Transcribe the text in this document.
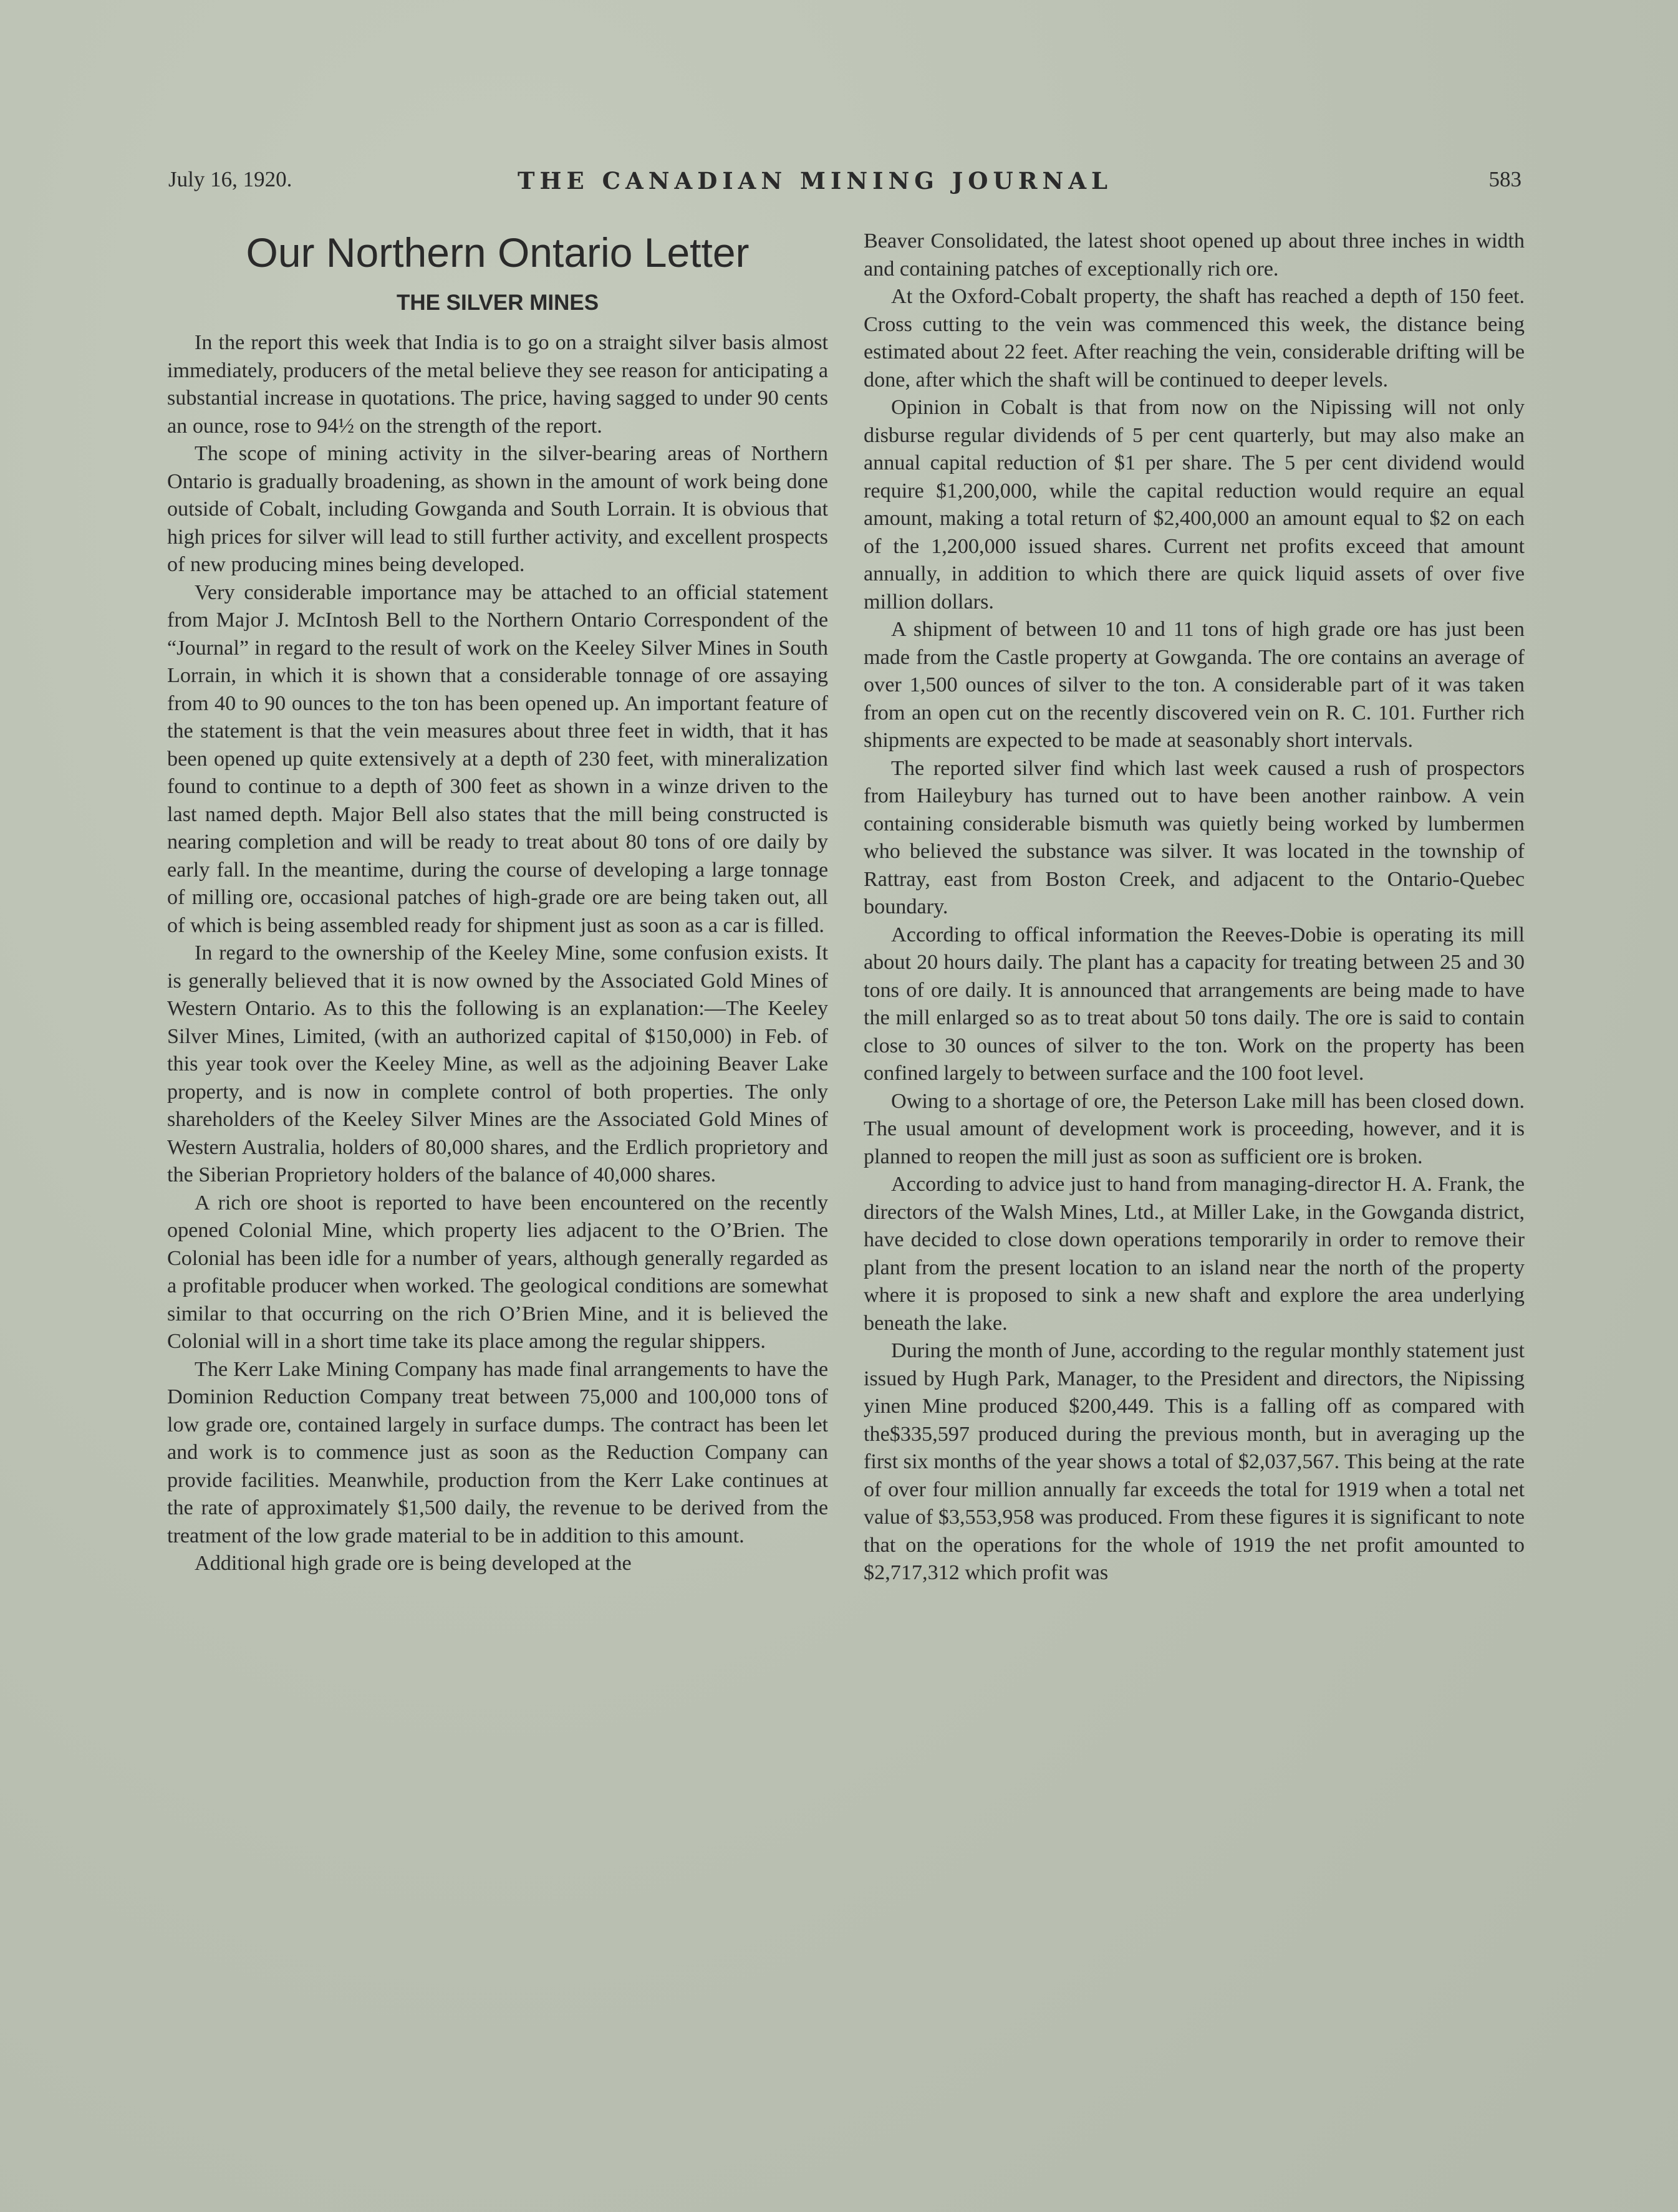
July 16, 1920.	THE CANADIAN MINING JOURNAL	583
Our Northern Ontario Letter
THE SILVER MINES

In the report this week that India is to go on a straight silver basis almost immediately, producers of the metal believe they see reason for anticipating a substantial increase in quotations. The price, having sagged to under 90 cents an ounce, rose to 94½ on the strength of the report.

The scope of mining activity in the silver-bearing areas of Northern Ontario is gradually broadening, as shown in the amount of work being done outside of Cobalt, including Gowganda and South Lorrain. It is obvious that high prices for silver will lead to still further activity, and excellent prospects of new producing mines being developed.

Very considerable importance may be attached to an official statement from Major J. McIntosh Bell to the Northern Ontario Correspondent of the “Journal” in regard to the result of work on the Keeley Silver Mines in South Lorrain, in which it is shown that a considerable tonnage of ore assaying from 40 to 90 ounces to the ton has been opened up. An important feature of the statement is that the vein measures about three feet in width, that it has been opened up quite extensively at a depth of 230 feet, with mineralization found to continue to a depth of 300 feet as shown in a winze driven to the last named depth. Major Bell also states that the mill being constructed is nearing completion and will be ready to treat about 80 tons of ore daily by early fall. In the meantime, during the course of developing a large tonnage of milling ore, occasional patches of high-grade ore are being taken out, all of which is being assembled ready for shipment just as soon as a car is filled.

In regard to the ownership of the Keeley Mine, some confusion exists. It is generally believed that it is now owned by the Associated Gold Mines of Western Ontario. As to this the following is an explanation:—The Keeley Silver Mines, Limited, (with an authorized capital of $150,000) in Feb. of this year took over the Keeley Mine, as well as the adjoining Beaver Lake property, and is now in complete control of both properties. The only shareholders of the Keeley Silver Mines are the Associated Gold Mines of Western Australia, holders of 80,000 shares, and the Erdlich proprietory and the Siberian Proprietory holders of the balance of 40,000 shares.

A rich ore shoot is reported to have been encountered on the recently opened Colonial Mine, which property lies adjacent to the O’Brien. The Colonial has been idle for a number of years, although generally regarded as a profitable producer when worked. The geological conditions are somewhat similar to that occurring on the rich O’Brien Mine, and it is believed the Colonial will in a short time take its place among the regular shippers.

The Kerr Lake Mining Company has made final arrangements to have the Dominion Reduction Company treat between 75,000 and 100,000 tons of low grade ore, contained largely in surface dumps. The contract has been let and work is to commence just as soon as the Reduction Company can provide facilities. Meanwhile, production from the Kerr Lake continues at the rate of approximately $1,500 daily, the revenue to be derived from the treatment of the low grade material to be in addition to this amount.

Additional high grade ore is being developed at the

Beaver Consolidated, the latest shoot opened up about three inches in width and containing patches of exceptionally rich ore.

At the Oxford-Cobalt property, the shaft has reached a depth of 150 feet. Cross cutting to the vein was commenced this week, the distance being estimated about 22 feet. After reaching the vein, considerable drifting will be done, after which the shaft will be continued to deeper levels.

Opinion in Cobalt is that from now on the Nipissing will not only disburse regular dividends of 5 per cent quarterly, but may also make an annual capital reduction of $1 per share. The 5 per cent dividend would require $1,200,000, while the capital reduction would require an equal amount, making a total return of $2,400,000 an amount equal to $2 on each of the 1,200,000 issued shares. Current net profits exceed that amount annually, in addition to which there are quick liquid assets of over five million dollars.

A shipment of between 10 and 11 tons of high grade ore has just been made from the Castle property at Gowganda. The ore contains an average of over 1,500 ounces of silver to the ton. A considerable part of it was taken from an open cut on the recently discovered vein on R. C. 101. Further rich shipments are expected to be made at seasonably short intervals.

The reported silver find which last week caused a rush of prospectors from Haileybury has turned out to have been another rainbow. A vein containing considerable bismuth was quietly being worked by lumbermen who believed the substance was silver. It was located in the township of Rattray, east from Boston Creek, and adjacent to the Ontario-Quebec boundary.

According to offical information the Reeves-Dobie is operating its mill about 20 hours daily. The plant has a capacity for treating between 25 and 30 tons of ore daily. It is announced that arrangements are being made to have the mill enlarged so as to treat about 50 tons daily. The ore is said to contain close to 30 ounces of silver to the ton. Work on the property has been confined largely to between surface and the 100 foot level.

Owing to a shortage of ore, the Peterson Lake mill has been closed down. The usual amount of development work is proceeding, however, and it is planned to reopen the mill just as soon as sufficient ore is broken.

According to advice just to hand from managing-director H. A. Frank, the directors of the Walsh Mines, Ltd., at Miller Lake, in the Gowganda district, have decided to close down operations temporarily in order to remove their plant from the present location to an island near the north of the property where it is proposed to sink a new shaft and explore the area underlying beneath the lake.

During the month of June, according to the regular monthly statement just issued by Hugh Park, Manager, to the President and directors, the Nipissing yinen Mine produced $200,449. This is a falling off as compared with the$335,597 produced during the previous month, but in averaging up the first six months of the year shows a total of $2,037,567. This being at the rate of over four million annually far exceeds the total for 1919 when a total net value of $3,553,958 was produced. From these figures it is significant to note that on the operations for the whole of 1919 the net profit amounted to $2,717,312 which profit was
